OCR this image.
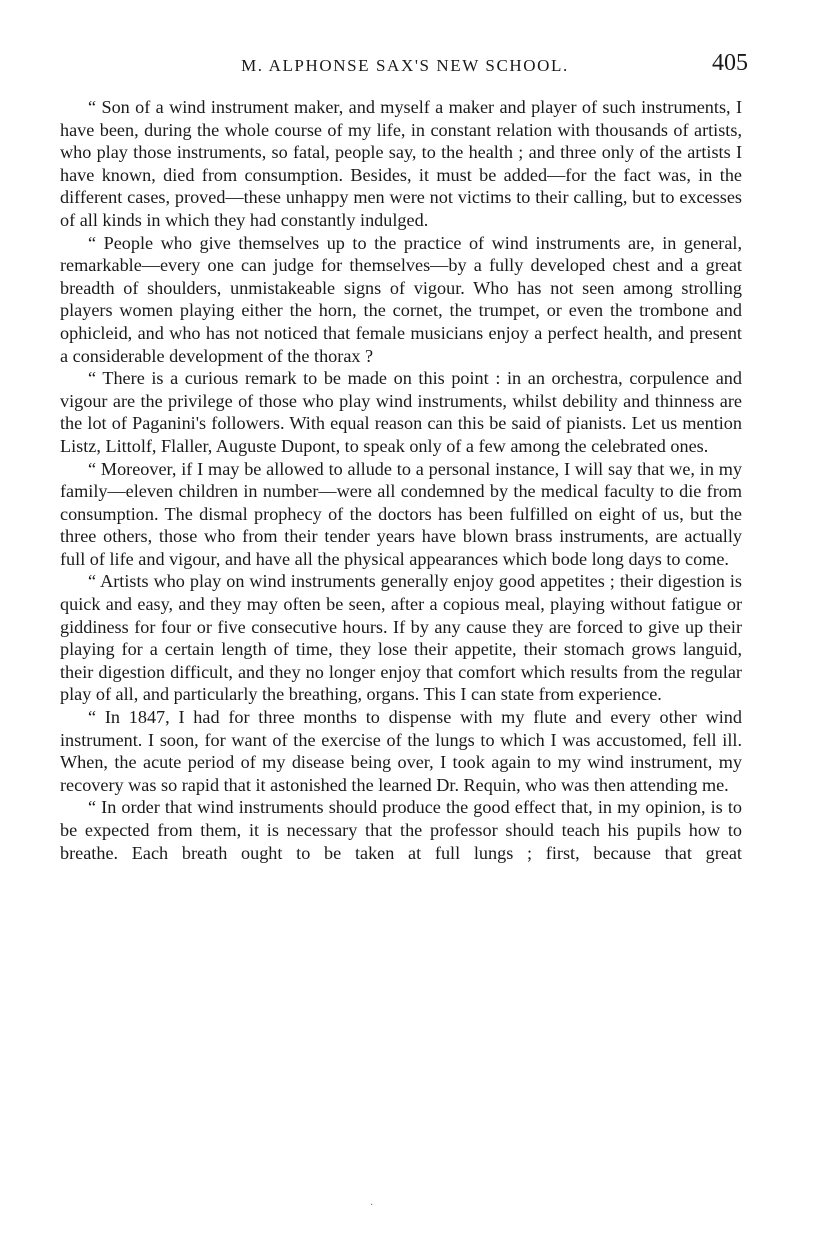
M. ALPHONSE SAX'S NEW SCHOOL.	405

“ Son of a wind instrument maker, and myself a maker and player of such instruments, I have been, during the whole course of my life, in constant relation with thousands of artists, who play those instruments, so fatal, people say, to the health ; and three only of the artists I have known, died from consumption. Besides, it must be added—for the fact was, in the different cases, proved—these unhappy men were not victims to their calling, but to excesses of all kinds in which they had constantly indulged.

“ People who give themselves up to the practice of wind instruments are, in general, remarkable—every one can judge for themselves—by a fully developed chest and a great breadth of shoulders, unmistakeable signs of vigour. Who has not seen among strolling players women playing either the horn, the cornet, the trumpet, or even the trombone and ophicleid, and who has not noticed that female musicians enjoy a perfect health, and present a considerable development of the thorax ?

“ There is a curious remark to be made on this point : in an orchestra, corpulence and vigour are the privilege of those who play wind instruments, whilst debility and thinness are the lot of Paganini's followers. With equal reason can this be said of pianists. Let us mention Listz, Littolf, Flaller, Auguste Dupont, to speak only of a few among the celebrated ones.

“ Moreover, if I may be allowed to allude to a personal instance, I will say that we, in my family—eleven children in number—were all condemned by the medical faculty to die from consumption. The dismal prophecy of the doctors has been fulfilled on eight of us, but the three others, those who from their tender years have blown brass instruments, are actually full of life and vigour, and have all the physical appearances which bode long days to come.

“ Artists who play on wind instruments generally enjoy good appetites ; their digestion is quick and easy, and they may often be seen, after a copious meal, playing without fatigue or giddiness for four or five consecutive hours. If by any cause they are forced to give up their playing for a certain length of time, they lose their appetite, their stomach grows languid, their digestion difficult, and they no longer enjoy that comfort which results from the regular play of all, and particularly the breathing, organs. This I can state from experience.

“ In 1847, I had for three months to dispense with my flute and every other wind instrument. I soon, for want of the exercise of the lungs to which I was accustomed, fell ill. When, the acute period of my disease being over, I took again to my wind instrument, my recovery was so rapid that it astonished the learned Dr. Requin, who was then attending me.

“ In order that wind instruments should produce the good effect that, in my opinion, is to be expected from them, it is necessary that the professor should teach his pupils how to breathe. Each breath ought to be taken at full lungs ; first, because that great

·
